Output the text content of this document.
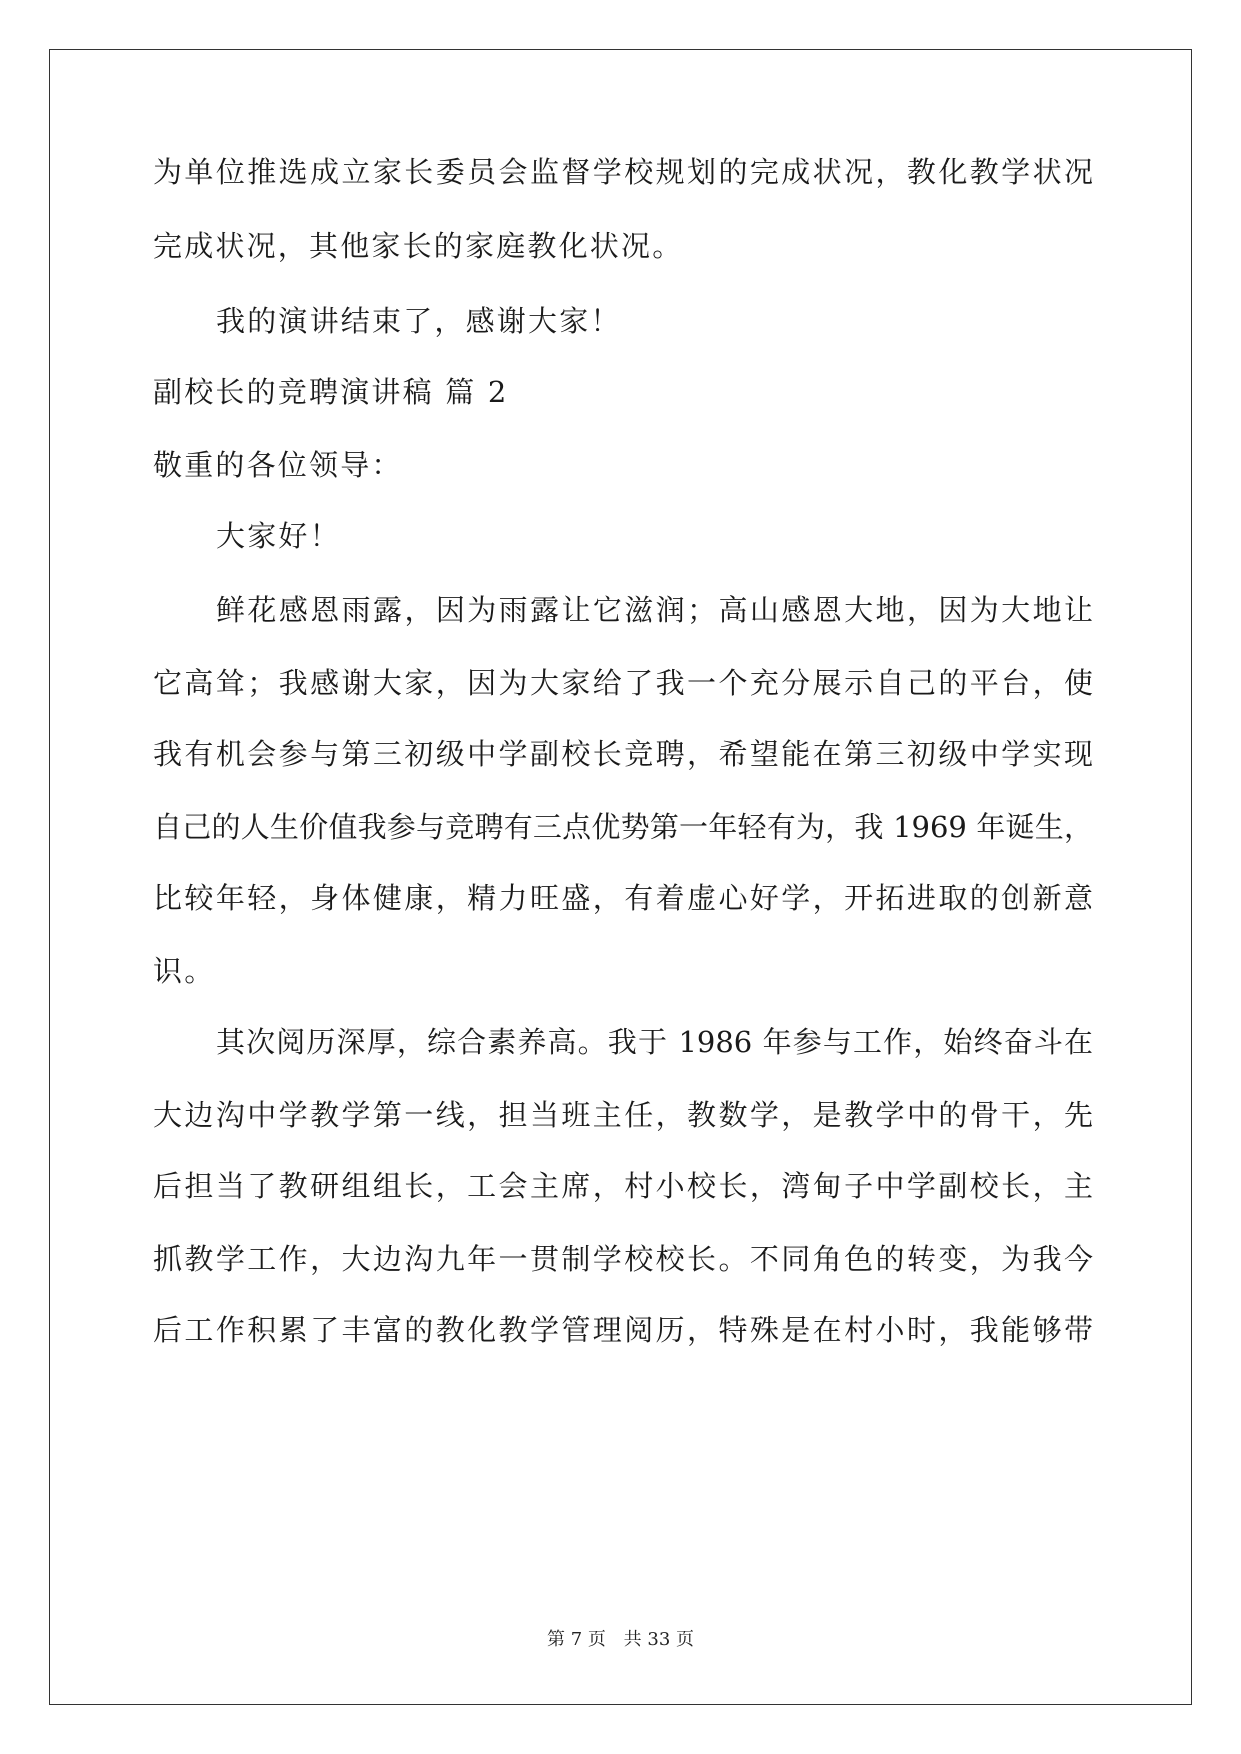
为单位推选成立家长委员会监督学校规划的完成状况，教化教学状况
完成状况，其他家长的家庭教化状况。
我的演讲结束了，感谢大家！
副校长的竞聘演讲稿 篇 2
敬重的各位领导：
大家好！
鲜花感恩雨露，因为雨露让它滋润；高山感恩大地，因为大地让
它高耸；我感谢大家，因为大家给了我一个充分展示自己的平台，使
我有机会参与第三初级中学副校长竞聘，希望能在第三初级中学实现
自己的人生价值我参与竞聘有三点优势第一年轻有为，我 1969 年诞生，
比较年轻，身体健康，精力旺盛，有着虚心好学，开拓进取的创新意
识。
其次阅历深厚，综合素养高。我于 1986 年参与工作，始终奋斗在
大边沟中学教学第一线，担当班主任，教数学，是教学中的骨干，先
后担当了教研组组长，工会主席，村小校长，湾甸子中学副校长，主
抓教学工作，大边沟九年一贯制学校校长。不同角色的转变，为我今
后工作积累了丰富的教化教学管理阅历，特殊是在村小时，我能够带
第 7 页 共 33 页
